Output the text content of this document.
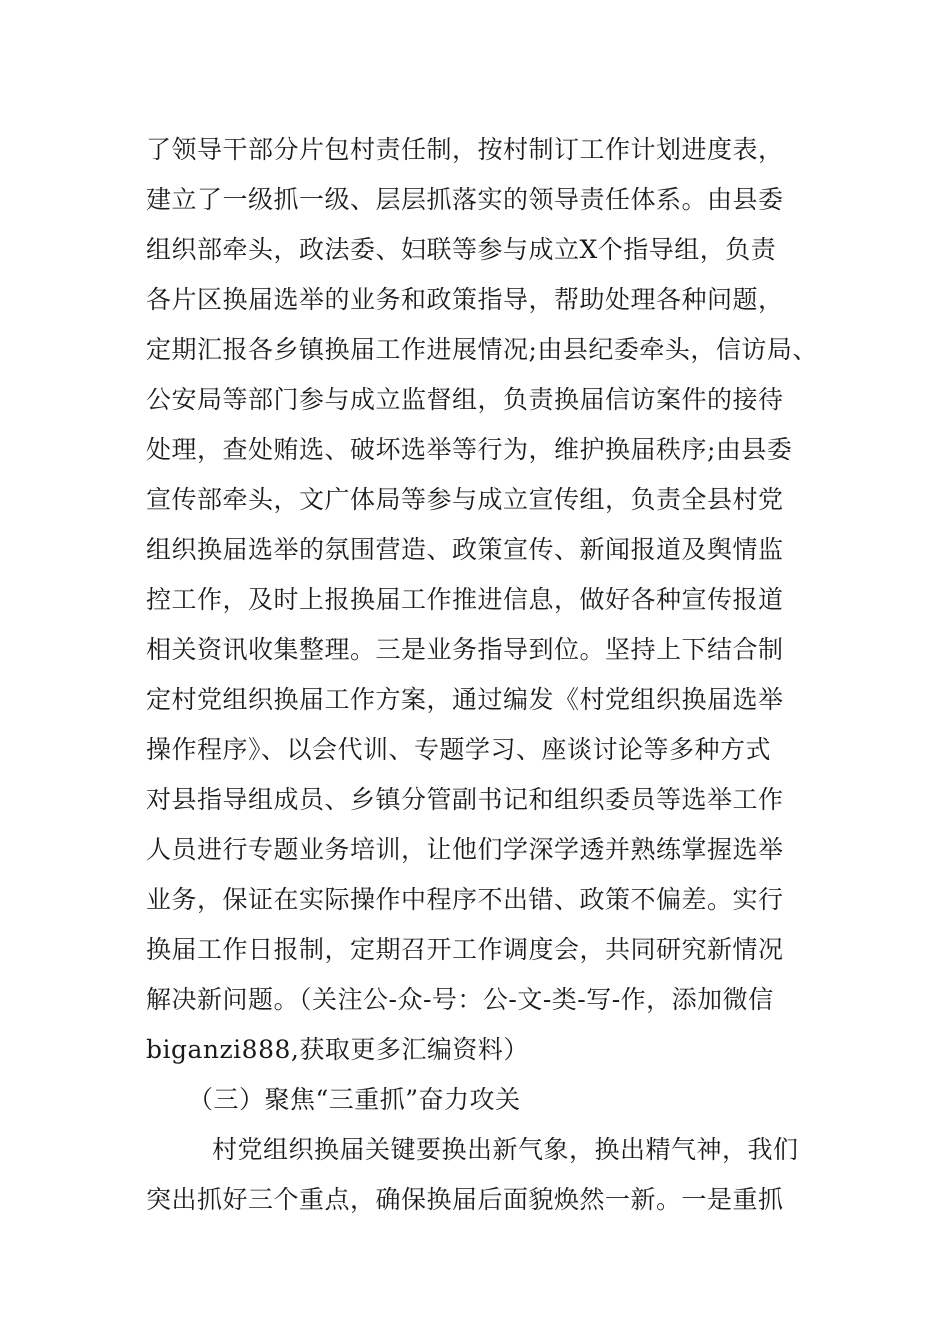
了领导干部分片包村责任制，按村制订工作计划进度表，
建立了一级抓一级、层层抓落实的领导责任体系。由县委
组织部牵头，政法委、妇联等参与成立X个指导组，负责
各片区换届选举的业务和政策指导，帮助处理各种问题，
定期汇报各乡镇换届工作进展情况;由县纪委牵头，信访局、
公安局等部门参与成立监督组，负责换届信访案件的接待
处理，查处贿选、破坏选举等行为，维护换届秩序;由县委
宣传部牵头，文广体局等参与成立宣传组，负责全县村党
组织换届选举的氛围营造、政策宣传、新闻报道及舆情监
控工作，及时上报换届工作推进信息，做好各种宣传报道
相关资讯收集整理。三是业务指导到位。坚持上下结合制
定村党组织换届工作方案，通过编发《村党组织换届选举
操作程序》、以会代训、专题学习、座谈讨论等多种方式
对县指导组成员、乡镇分管副书记和组织委员等选举工作
人员进行专题业务培训，让他们学深学透并熟练掌握选举
业务，保证在实际操作中程序不出错、政策不偏差。实行
换届工作日报制，定期召开工作调度会，共同研究新情况
解决新问题。（关注公-众-号：公-文-类-写-作，添加微信
biganzi888,获取更多汇编资料）
（三）聚焦“三重抓”奋力攻关
村党组织换届关键要换出新气象，换出精气神，我们
突出抓好三个重点，确保换届后面貌焕然一新。一是重抓
